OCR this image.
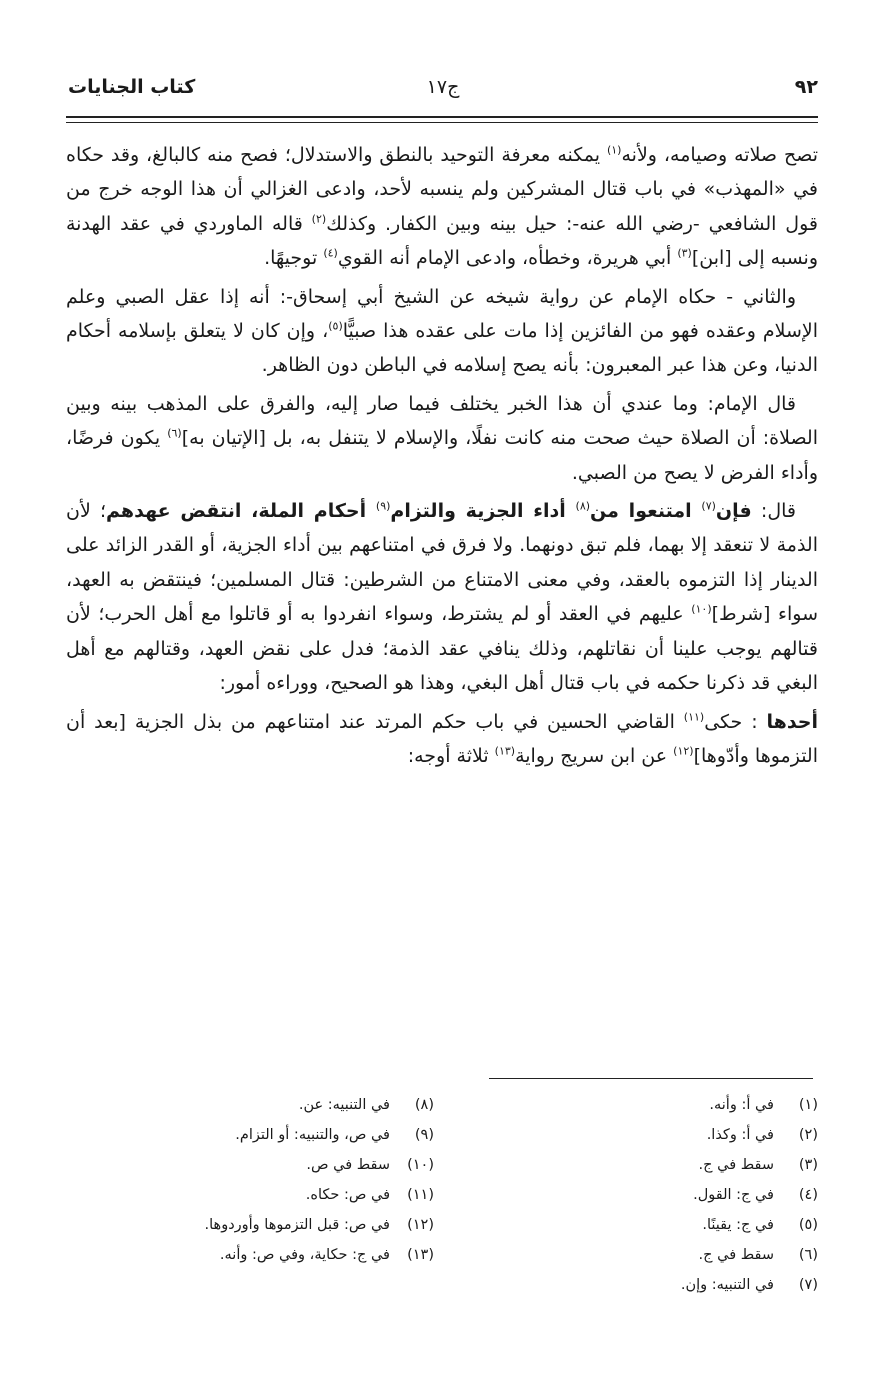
٩٢
ج١٧
كتاب الجنايات

تصح صلاته وصيامه، ولأنه$^{(١)}$ يمكنه معرفة التوحيد بالنطق والاستدلال؛ فصح منه كالبالغ، وقد حكاه في «المهذب» في باب قتال المشركين ولم ينسبه لأحد، وادعى الغزالي أن هذا الوجه خرج من قول الشافعي -رضي الله عنه-: حيل بينه وبين الكفار. وكذلك$^{(٢)}$ قاله الماوردي في عقد الهدنة ونسبه إلى [ابن]$^{(٣)}$ أبي هريرة، وخطأه، وادعى الإمام أنه القوي$^{(٤)}$ توجيهًا.

والثاني - حكاه الإمام عن رواية شيخه عن الشيخ أبي إسحاق-: أنه إذا عقل الصبي وعلم الإسلام وعقده فهو من الفائزين إذا مات على عقده هذا صبيًّا$^{(٥)}$، وإن كان لا يتعلق بإسلامه أحكام الدنيا، وعن هذا عبر المعبرون: بأنه يصح إسلامه في الباطن دون الظاهر.

قال الإمام: وما عندي أن هذا الخبر يختلف فيما صار إليه، والفرق على المذهب بينه وبين الصلاة: أن الصلاة حيث صحت منه كانت نفلًا، والإسلام لا يتنفل به، بل [الإتيان به]$^{(٦)}$ يكون فرضًا، وأداء الفرض لا يصح من الصبي.

قال: فإن$^{(٧)}$ امتنعوا من$^{(٨)}$ أداء الجزية والتزام$^{(٩)}$ أحكام الملة، انتقض عهدهم؛ لأن الذمة لا تنعقد إلا بهما، فلم تبق دونهما. ولا فرق في امتناعهم بين أداء الجزية، أو القدر الزائد على الدينار إذا التزموه بالعقد، وفي معنى الامتناع من الشرطين: قتال المسلمين؛ فينتقض به العهد، سواء [شرط]$^{(١٠)}$ عليهم في العقد أو لم يشترط، وسواء انفردوا به أو قاتلوا مع أهل الحرب؛ لأن قتالهم يوجب علينا أن نقاتلهم، وذلك ينافي عقد الذمة؛ فدل على نقض العهد، وقتالهم مع أهل البغي قد ذكرنا حكمه في باب قتال أهل البغي، وهذا هو الصحيح، ووراءه أمور:

أحدها : حكى$^{(١١)}$ القاضي الحسين في باب حكم المرتد عند امتناعهم من بذل الجزية [بعد أن التزموها وأدّوها]$^{(١٢)}$ عن ابن سريج رواية$^{(١٣)}$ ثلاثة أوجه:

(١)في أ: وأنه.
(٢)في أ: وكذا.
(٣)سقط في ج.
(٤)في ج: القول.
(٥)في ج: يقينًا.
(٦)سقط في ج.
(٧)في التنبيه: وإن.
(٨)في التنبيه: عن.
(٩)في ص، والتنبيه: أو التزام.
(١٠)سقط في ص.
(١١)في ص: حكاه.
(١٢)في ص: قبل التزموها وأوردوها.
(١٣)في ج: حكاية، وفي ص: وأنه.
